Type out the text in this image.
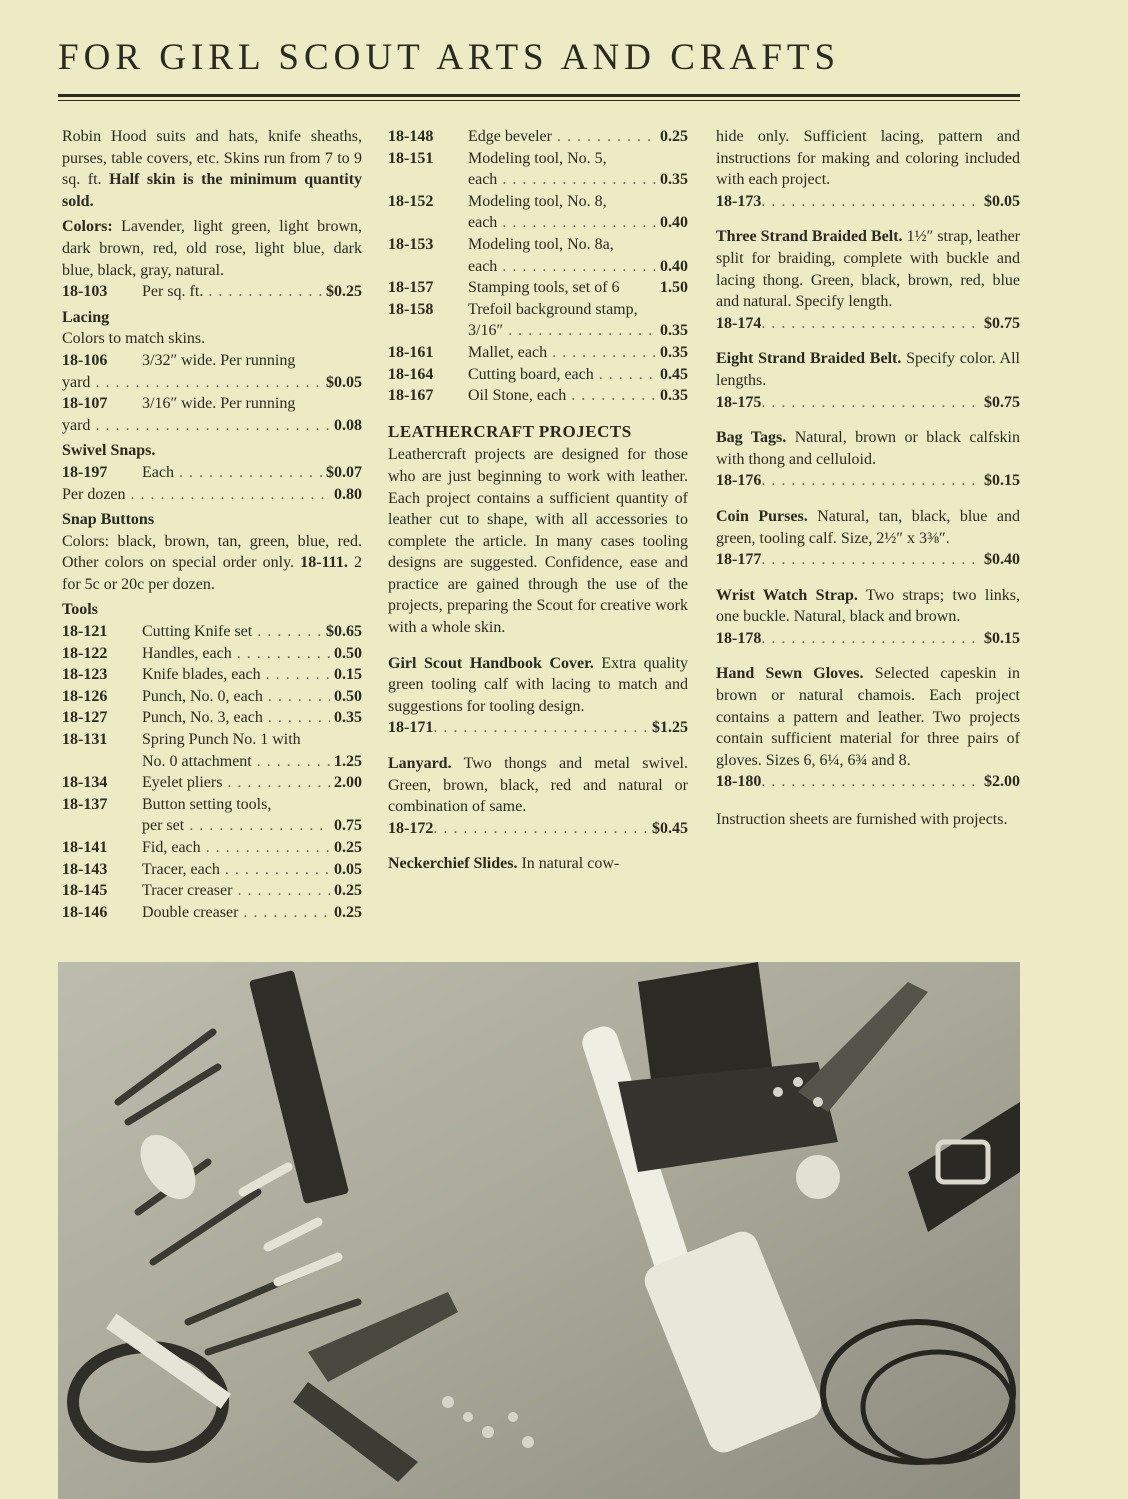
FOR GIRL SCOUT ARTS AND CRAFTS

Robin Hood suits and hats, knife sheaths, purses, table covers, etc. Skins run from 7 to 9 sq. ft. Half skin is the minimum quantity sold.

Colors: Lavender, light green, light brown, dark brown, red, old rose, light blue, dark blue, black, gray, natural.

18-103	Per sq. ft. . . .	$0.25
Lacing
Colors to match skins.
18-106	3/32″ wide. Per running
yard . . .	$0.05
18-107	3/16″ wide. Per running
yard . . .	0.08
Swivel Snaps.
18-197	Each . . .	$0.07
Per dozen . . .	0.80
Snap Buttons

Colors: black, brown, tan, green, blue, red. Other colors on special order only. 18-111. 2 for 5c or 20c per dozen.

Tools
18-121	Cutting Knife set . . .	$0.65
18-122	Handles, each . . .	0.50
18-123	Knife blades, each . . .	0.15
18-126	Punch, No. 0, each . . .	0.50
18-127	Punch, No. 3, each . . .	0.35
18-131	Spring Punch No. 1 with
No. 0 attachment . . .	1.25
18-134	Eyelet pliers . . .	2.00
18-137	Button setting tools,
per set . . .	0.75
18-141	Fid, each . . .	0.25
18-143	Tracer, each . . .	0.05
18-145	Tracer creaser . . .	0.25
18-146	Double creaser . . .	0.25
18-148	Edge beveler . . .	0.25
18-151	Modeling tool, No. 5,
each . . .	0.35
18-152	Modeling tool, No. 8,
each . . .	0.40
18-153	Modeling tool, No. 8a,
each . . .	0.40
18-157	Stamping tools, set of 6	1.50
18-158	Trefoil background stamp,
3/16″ . . .	0.35
18-161	Mallet, each . . .	0.35
18-164	Cutting board, each . . .	0.45
18-167	Oil Stone, each . . .	0.35
LEATHERCRAFT PROJECTS

Leathercraft projects are designed for those who are just beginning to work with leather. Each project contains a sufficient quantity of leather cut to shape, with all accessories to complete the article. In many cases tooling designs are suggested. Confidence, ease and practice are gained through the use of the projects, preparing the Scout for creative work with a whole skin.

Girl Scout Handbook Cover. Extra quality green tooling calf with lacing to match and suggestions for tooling design.

18-171 . . .	$1.25

Lanyard. Two thongs and metal swivel. Green, brown, black, red and natural or combination of same.

18-172 . . .	$0.45

Neckerchief Slides. In natural cow-

hide only. Sufficient lacing, pattern and instructions for making and coloring included with each project.

18-173 . . .	$0.05

Three Strand Braided Belt. 1½″ strap, leather split for braiding, complete with buckle and lacing thong. Green, black, brown, red, blue and natural. Specify length.

18-174 . . .	$0.75

Eight Strand Braided Belt. Specify color. All lengths.

18-175 . . .	$0.75

Bag Tags. Natural, brown or black calfskin with thong and celluloid.

18-176 . . .	$0.15

Coin Purses. Natural, tan, black, blue and green, tooling calf. Size, 2½″ x 3⅜″.

18-177 . . .	$0.40

Wrist Watch Strap. Two straps; two links, one buckle. Natural, black and brown.

18-178 . . .	$0.15

Hand Sewn Gloves. Selected capeskin in brown or natural chamois. Each project contains a pattern and leather. Two projects contain sufficient material for three pairs of gloves. Sizes 6, 6¼, 6¾ and 8.

18-180 . . .	$2.00

Instruction sheets are furnished with projects.
